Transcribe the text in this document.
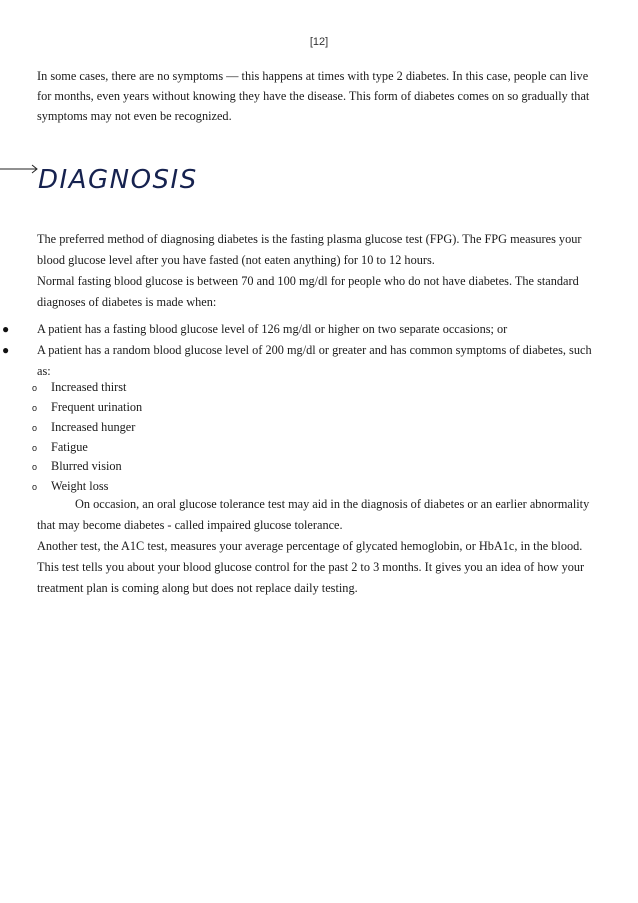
[12]

In some cases, there are no symptoms — this happens at times with type 2 diabetes. In this case, people can live for months, even years without knowing they have the disease. This form of diabetes comes on so gradually that symptoms may not even be recognized.

DIAGNOSIS

The preferred method of diagnosing diabetes is the fasting plasma glucose test (FPG). The FPG measures your blood glucose level after you have fasted (not eaten anything) for 10 to 12 hours.

Normal fasting blood glucose is between 70 and 100 mg/dl for people who do not have diabetes. The standard diagnoses of diabetes is made when:

● A patient has a fasting blood glucose level of 126 mg/dl or higher on two separate occasions; or
● A patient has a random blood glucose level of 200 mg/dl or greater and has common symptoms of diabetes, such as:
o Increased thirst
o Frequent urination
o Increased hunger
o Fatigue
o Blurred vision
o Weight loss

On occasion, an oral glucose tolerance test may aid in the diagnosis of diabetes or an earlier abnormality that may become diabetes - called impaired glucose tolerance.

Another test, the A1C test, measures your average percentage of glycated hemoglobin, or HbA1c, in the blood. This test tells you about your blood glucose control for the past 2 to 3 months. It gives you an idea of how your treatment plan is coming along but does not replace daily testing.
